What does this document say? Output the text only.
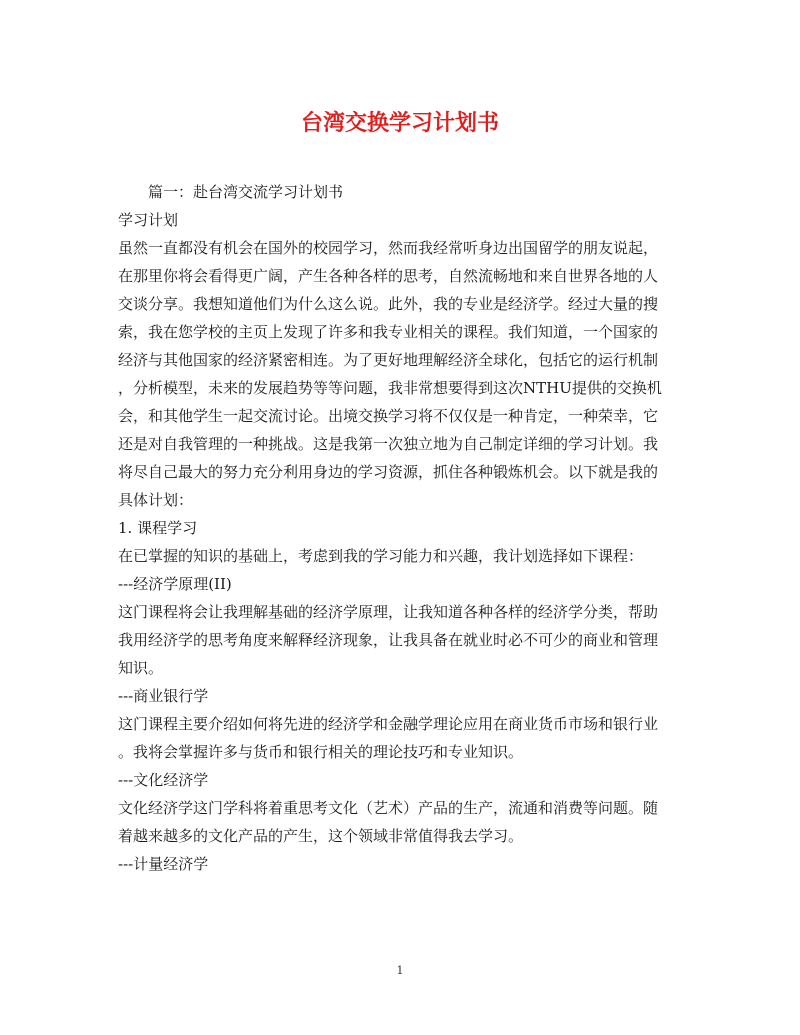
台湾交换学习计划书
篇一：赴台湾交流学习计划书
学习计划
虽然一直都没有机会在国外的校园学习，然而我经常听身边出国留学的朋友说起，
在那里你将会看得更广阔，产生各种各样的思考，自然流畅地和来自世界各地的人
交谈分享。我想知道他们为什么这么说。此外，我的专业是经济学。经过大量的搜
索，我在您学校的主页上发现了许多和我专业相关的课程。我们知道，一个国家的
经济与其他国家的经济紧密相连。为了更好地理解经济全球化，包括它的运行机制
，分析模型，未来的发展趋势等等问题，我非常想要得到这次NTHU提供的交换机
会，和其他学生一起交流讨论。出境交换学习将不仅仅是一种肯定，一种荣幸，它
还是对自我管理的一种挑战。这是我第一次独立地为自己制定详细的学习计划。我
将尽自己最大的努力充分利用身边的学习资源，抓住各种锻炼机会。以下就是我的
具体计划：
1. 课程学习
在已掌握的知识的基础上，考虑到我的学习能力和兴趣，我计划选择如下课程：
---经济学原理(II)
这门课程将会让我理解基础的经济学原理，让我知道各种各样的经济学分类，帮助
我用经济学的思考角度来解释经济现象，让我具备在就业时必不可少的商业和管理
知识。
---商业银行学
这门课程主要介绍如何将先进的经济学和金融学理论应用在商业货币市场和银行业
。我将会掌握许多与货币和银行相关的理论技巧和专业知识。
---文化经济学
文化经济学这门学科将着重思考文化（艺术）产品的生产，流通和消费等问题。随
着越来越多的文化产品的产生，这个领域非常值得我去学习。
---计量经济学
1
